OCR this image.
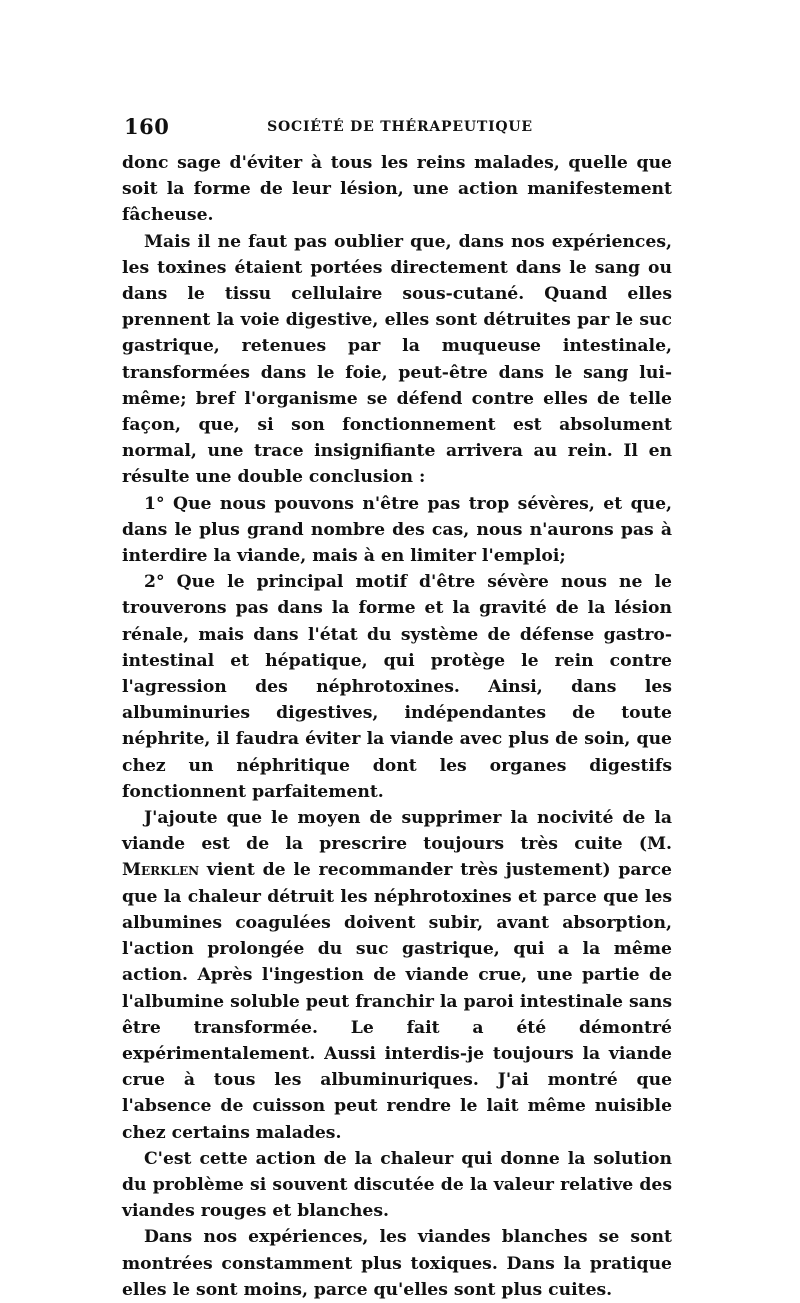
160	SOCIÉTÉ DE THÉRAPEUTIQUE

donc sage d'éviter à tous les reins malades, quelle que soit la forme de leur lésion, une action manifestement fâcheuse.

Mais il ne faut pas oublier que, dans nos expériences, les toxines étaient portées directement dans le sang ou dans le tissu cellulaire sous-cutané. Quand elles prennent la voie digestive, elles sont détruites par le suc gastrique, retenues par la muqueuse intestinale, transformées dans le foie, peut-être dans le sang lui-même; bref l'organisme se défend contre elles de telle façon, que, si son fonctionnement est absolument normal, une trace insignifiante arrivera au rein. Il en résulte une double conclusion :

1° Que nous pouvons n'être pas trop sévères, et que, dans le plus grand nombre des cas, nous n'aurons pas à interdire la viande, mais à en limiter l'emploi;

2° Que le principal motif d'être sévère nous ne le trouverons pas dans la forme et la gravité de la lésion rénale, mais dans l'état du système de défense gastro-intestinal et hépatique, qui protège le rein contre l'agression des néphrotoxines. Ainsi, dans les albuminuries digestives, indépendantes de toute néphrite, il faudra éviter la viande avec plus de soin, que chez un néphritique dont les organes digestifs fonctionnent parfaitement.

J'ajoute que le moyen de supprimer la nocivité de la viande est de la prescrire toujours très cuite (M. Merklen vient de le recommander très justement) parce que la chaleur détruit les néphrotoxines et parce que les albumines coagulées doivent subir, avant absorption, l'action prolongée du suc gastrique, qui a la même action. Après l'ingestion de viande crue, une partie de l'albumine soluble peut franchir la paroi intestinale sans être transformée. Le fait a été démontré expérimentalement. Aussi interdis-je toujours la viande crue à tous les albuminuriques. J'ai montré que l'absence de cuisson peut rendre le lait même nuisible chez certains malades.

C'est cette action de la chaleur qui donne la solution du problème si souvent discutée de la valeur relative des viandes rouges et blanches.

Dans nos expériences, les viandes blanches se sont montrées constamment plus toxiques. Dans la pratique elles le sont moins, parce qu'elles sont plus cuites.
